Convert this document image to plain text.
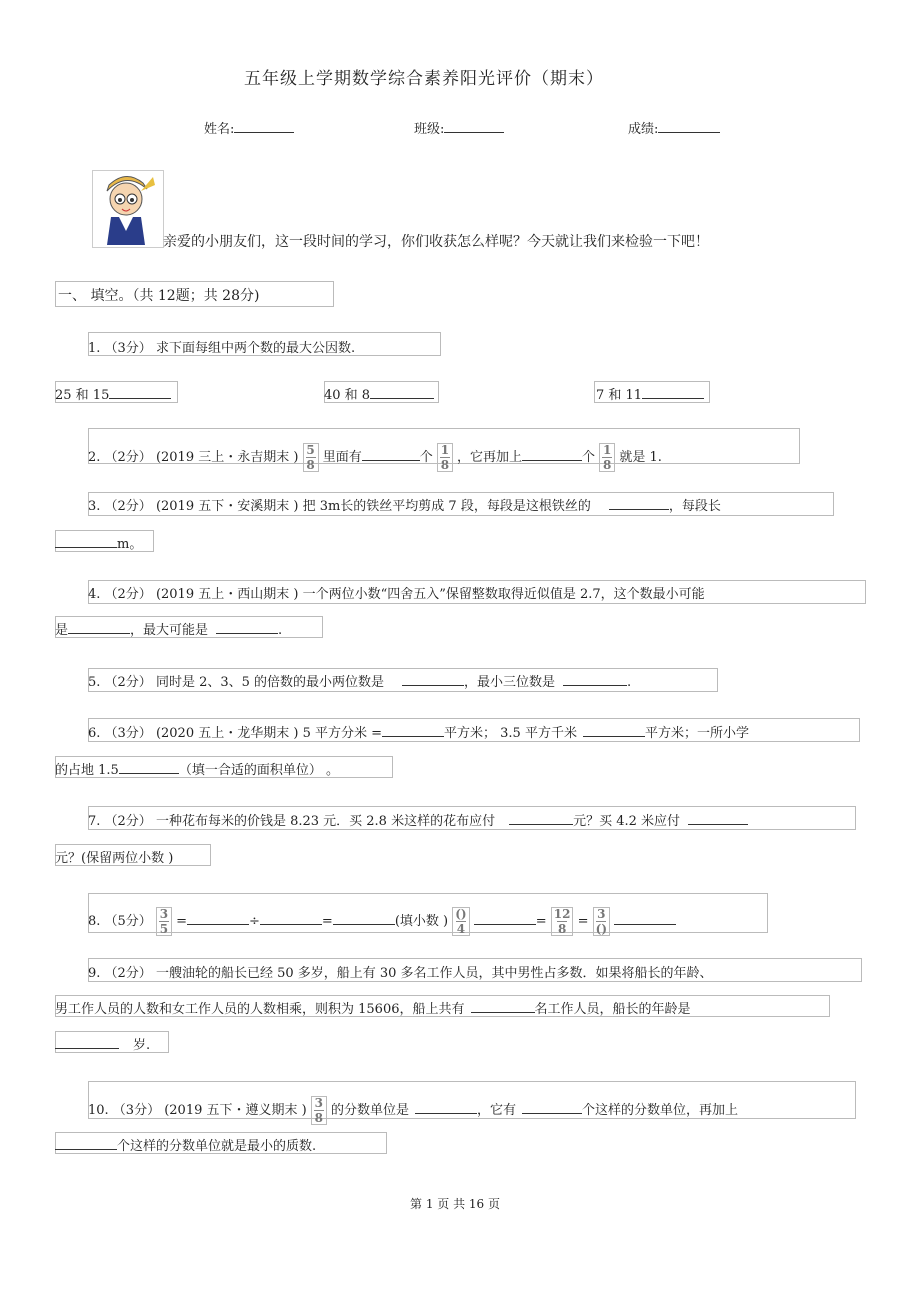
五年级上学期数学综合素养阳光评价（期末）
姓名:	班级:	成绩:
亲爱的小朋友们，这一段时间的学习，你们收获怎么样呢？今天就让我们来检验一下吧！
一、 填空。（共 12题；共 28分)
1. （3分） 求下面每组中两个数的最大公因数.
25 和 15	40 和 8	7 和 11
2. （2分） (2019 三上・永吉期末 ) $\frac{5}{8}$ 里面有	个 $\frac{1}{8}$ ，它再加上	个 $\frac{1}{8}$ 就是 1.
3. （2分） (2019 五下・安溪期末 ) 把 3m长的铁丝平均剪成 7 段，每段是这根铁丝的	，每段长
m。
4. （2分） (2019 五上・西山期末 ) 一个两位小数“四舍五入”保留整数取得近似值是 2.7，这个数最小可能
是	，最大可能是	.
5. （2分） 同时是 2、3、5 的倍数的最小两位数是	，最小三位数是	.
6. （3分） (2020 五上・龙华期末 ) 5 平方分米 =	平方米； 3.5 平方千米	平方米；一所小学
的占地 1.5	（填一合适的面积单位） 。
7. （2分） 一种花布每米的价钱是 8.23 元．买 2.8 米这样的花布应付	元？买 4.2 米应付
元？(保留两位小数 )
8. （5分） $\frac{3}{5}$ =	÷	=	(填小数 ) $\frac{()}{4}$	= $\frac{12}{8} = \frac{3}{()}$

9. （2分） 一艘油轮的船长已经 50 多岁，船上有 30 多名工作人员，其中男性占多数．如果将船长的年龄、
男工作人员的人数和女工作人员的人数相乘，则积为 15606，船上共有	名工作人员，船长的年龄是
岁.
10. （3分） (2019 五下・遵义期末 ) $\frac{3}{8}$ 的分数单位是	，它有	个这样的分数单位，再加上
个这样的分数单位就是最小的质数.
第 1 页 共 16 页
